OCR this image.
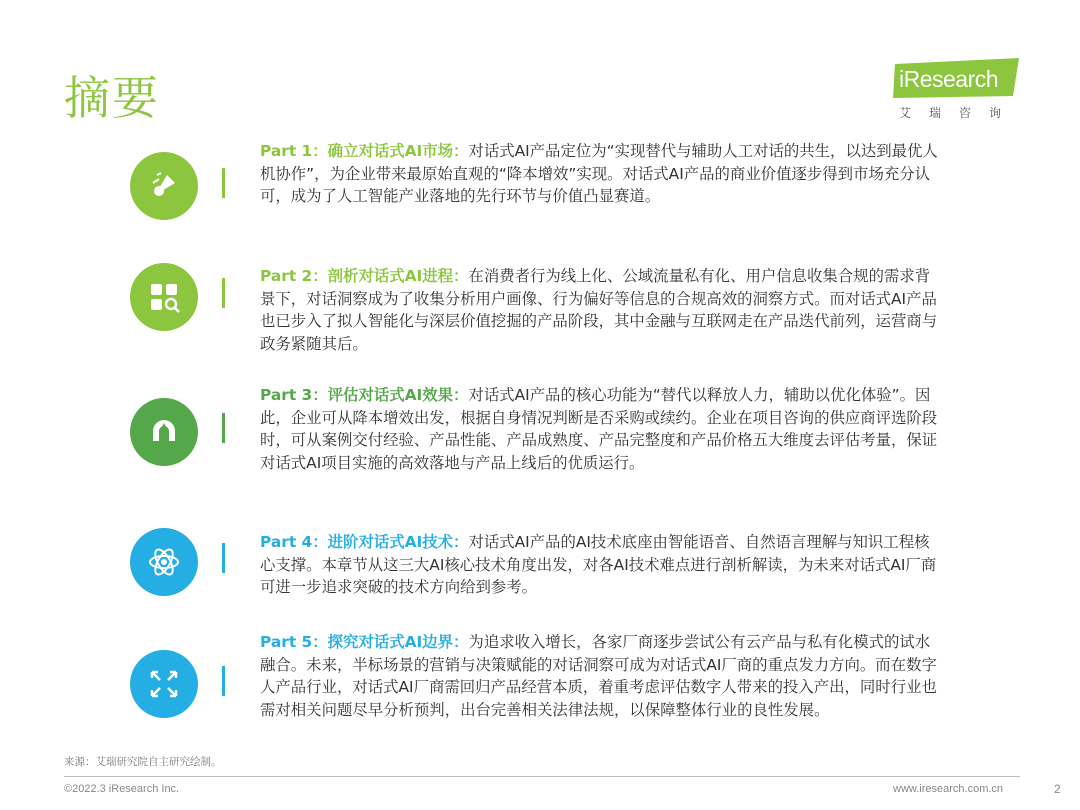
摘要	iResearch
艾瑞咨询
Part 1：确立对话式AI市场：对话式AI产品定位为“实现替代与辅助人工对话的共生，以达到最优人机协作”，为企业带来最原始直观的“降本增效”实现。对话式AI产品的商业价值逐步得到市场充分认可，成为了人工智能产业落地的先行环节与价值凸显赛道。
Part 2：剖析对话式AI进程：在消费者行为线上化、公域流量私有化、用户信息收集合规的需求背景下，对话洞察成为了收集分析用户画像、行为偏好等信息的合规高效的洞察方式。而对话式AI产品也已步入了拟人智能化与深层价值挖掘的产品阶段，其中金融与互联网走在产品迭代前列，运营商与政务紧随其后。
Part 3：评估对话式AI效果：对话式AI产品的核心功能为“替代以释放人力，辅助以优化体验”。因此，企业可从降本增效出发，根据自身情况判断是否采购或续约。企业在项目咨询的供应商评选阶段时，可从案例交付经验、产品性能、产品成熟度、产品完整度和产品价格五大维度去评估考量，保证对话式AI项目实施的高效落地与产品上线后的优质运行。
Part 4：进阶对话式AI技术：对话式AI产品的AI技术底座由智能语音、自然语言理解与知识工程核心支撑。本章节从这三大AI核心技术角度出发，对各AI技术难点进行剖析解读，为未来对话式AI厂商可进一步追求突破的技术方向给到参考。
Part 5：探究对话式AI边界：为追求收入增长，各家厂商逐步尝试公有云产品与私有化模式的试水融合。未来，半标场景的营销与决策赋能的对话洞察可成为对话式AI厂商的重点发力方向。而在数字人产品行业，对话式AI厂商需回归产品经营本质，着重考虑评估数字人带来的投入产出，同时行业也需对相关问题尽早分析预判，出台完善相关法律法规，以保障整体行业的良性发展。
来源：艾瑞研究院自主研究绘制。
©2022.3 iResearch Inc.	www.iresearch.com.cn	2
